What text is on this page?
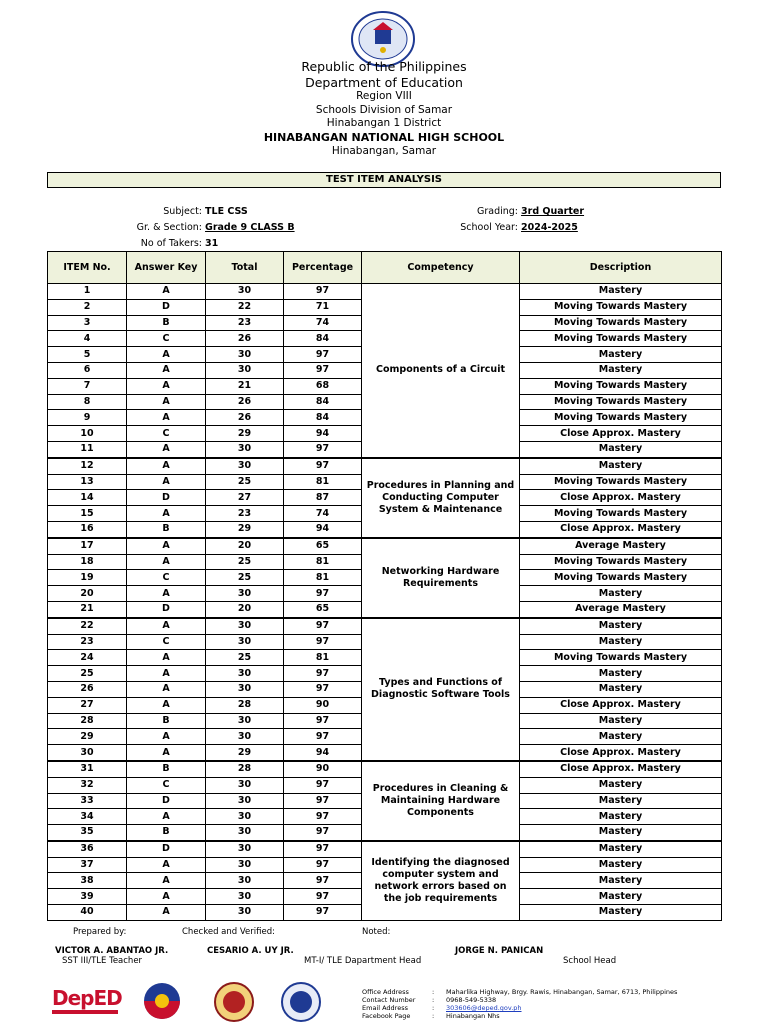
Republic of the Philippines
Department of Education
Region VIII
Schools Division of Samar
Hinabangan 1 District
HINABANGAN NATIONAL HIGH SCHOOL
Hinabangan, Samar
TEST ITEM ANALYSIS
Subject: TLE CSS
Gr. & Section: Grade 9 CLASS B
No of Takers: 31
Grading: 3rd Quarter
School Year: 2024-2025
ITEM No.	Answer Key	Total	Percentage	Competency	Description
1	A	30	97	Components of a Circuit	Mastery
2	D	22	71		Moving Towards Mastery
3	B	23	74		Moving Towards Mastery
4	C	26	84		Moving Towards Mastery
5	A	30	97		Mastery
6	A	30	97		Mastery
7	A	21	68		Moving Towards Mastery
8	A	26	84		Moving Towards Mastery
9	A	26	84		Moving Towards Mastery
10	C	29	94		Close Approx. Mastery
11	A	30	97		Mastery
12	A	30	97	Procedures in Planning and Conducting Computer System & Maintenance	Mastery
13	A	25	81		Moving Towards Mastery
14	D	27	87		Close Approx. Mastery
15	A	23	74		Moving Towards Mastery
16	B	29	94		Close Approx. Mastery
17	A	20	65	Networking Hardware Requirements	Average Mastery
18	A	25	81		Moving Towards Mastery
19	C	25	81		Moving Towards Mastery
20	A	30	97		Mastery
21	D	20	65		Average Mastery
22	A	30	97	Types and Functions of Diagnostic Software Tools	Mastery
23	C	30	97		Mastery
24	A	25	81		Moving Towards Mastery
25	A	30	97		Mastery
26	A	30	97		Mastery
27	A	28	90		Close Approx. Mastery
28	B	30	97		Mastery
29	A	30	97		Mastery
30	A	29	94		Close Approx. Mastery
31	B	28	90	Procedures in Cleaning & Maintaining Hardware Components	Close Approx. Mastery
32	C	30	97		Mastery
33	D	30	97		Mastery
34	A	30	97		Mastery
35	B	30	97		Mastery
36	D	30	97	Identifying the diagnosed computer system and network errors based on the job requirements	Mastery
37	A	30	97		Mastery
38	A	30	97		Mastery
39	A	30	97		Mastery
40	A	30	97		Mastery
Prepared by:	Checked and Verified:	Noted:
VICTOR A. ABANTAO JR.
SST III/TLE Teacher
CESARIO A. UY JR.
MT-I/ TLE Dapartment Head
JORGE N. PANICAN
School Head
DepED	Office Address	: Maharlika Highway, Brgy. Rawis, Hinabangan, Samar, 6713, Philippines
Contact Number	: 0968-549-5338
Email Address	: 303606@deped.gov.ph
Facebook Page	: Hinabangan Nhs
